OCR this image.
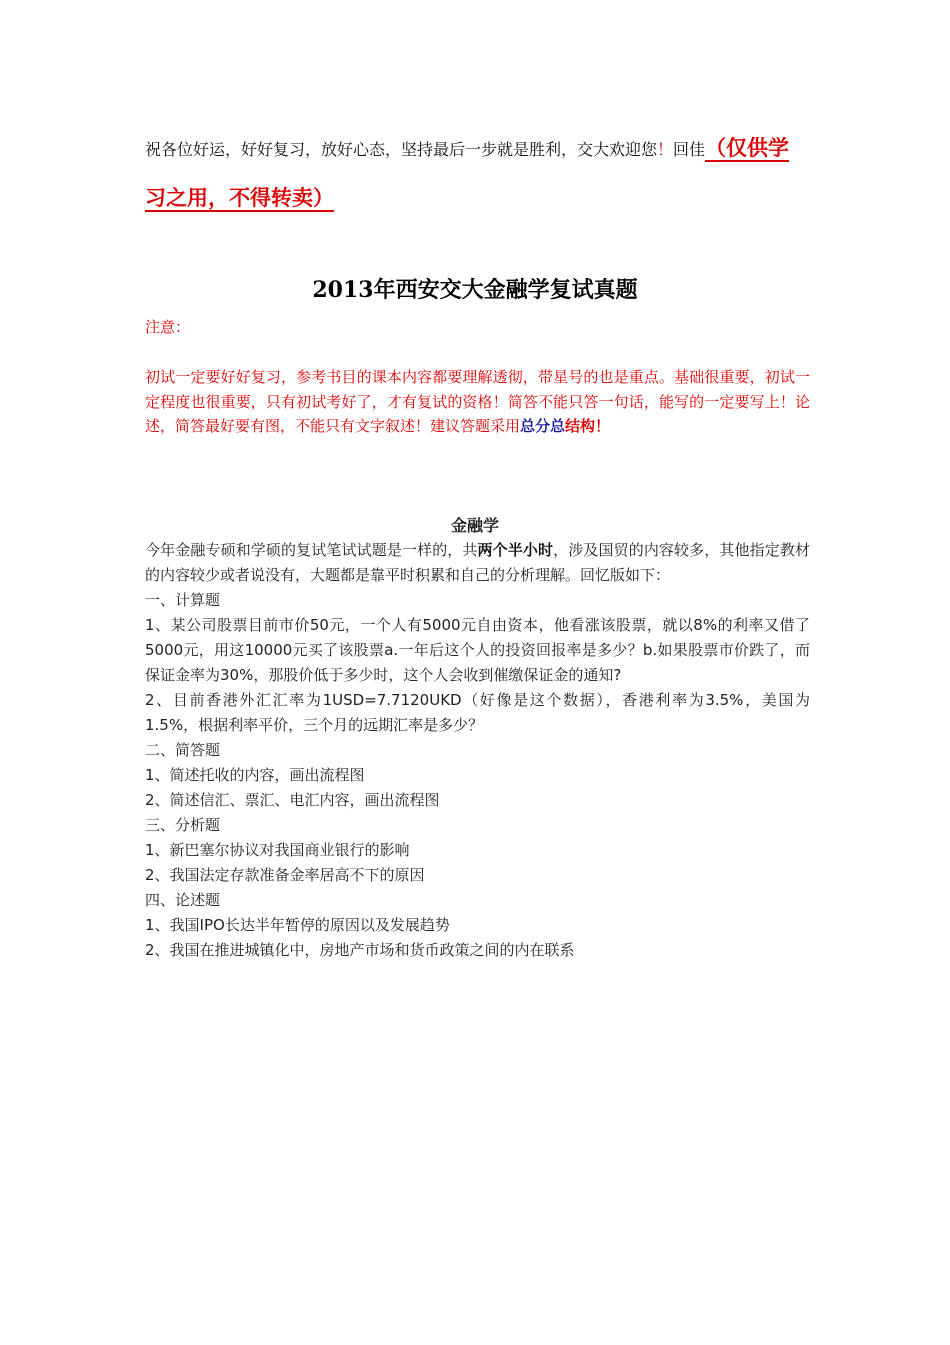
祝各位好运，好好复习，放好心态，坚持最后一步就是胜利，交大欢迎您！回佳（仅供学习之用，不得转卖）
2013年西安交大金融学复试真题
注意：
初试一定要好好复习，参考书目的课本内容都要理解透彻，带星号的也是重点。基础很重要，初试一定程度也很重要，只有初试考好了，才有复试的资格！简答不能只答一句话，能写的一定要写上！论述，简答最好要有图，不能只有文字叙述！建议答题采用总分总结构！
金融学

今年金融专硕和学硕的复试笔试试题是一样的，共两个半小时，涉及国贸的内容较多，其他指定教材的内容较少或者说没有，大题都是靠平时积累和自己的分析理解。回忆版如下：

一、计算题

1、某公司股票目前市价50元，一个人有5000元自由资本，他看涨该股票，就以8%的利率又借了5000元，用这10000元买了该股票a.一年后这个人的投资回报率是多少？b.如果股票市价跌了，而保证金率为30%，那股价低于多少时，这个人会收到催缴保证金的通知?

2、目前香港外汇汇率为1USD=7.7120UKD（好像是这个数据），香港利率为3.5%，美国为1.5%，根据利率平价，三个月的远期汇率是多少？

二、简答题

1、简述托收的内容，画出流程图

2、简述信汇、票汇、电汇内容，画出流程图

三、分析题

1、新巴塞尔协议对我国商业银行的影响

2、我国法定存款准备金率居高不下的原因

四、论述题

1、我国IPO长达半年暂停的原因以及发展趋势

2、我国在推进城镇化中，房地产市场和货币政策之间的内在联系
